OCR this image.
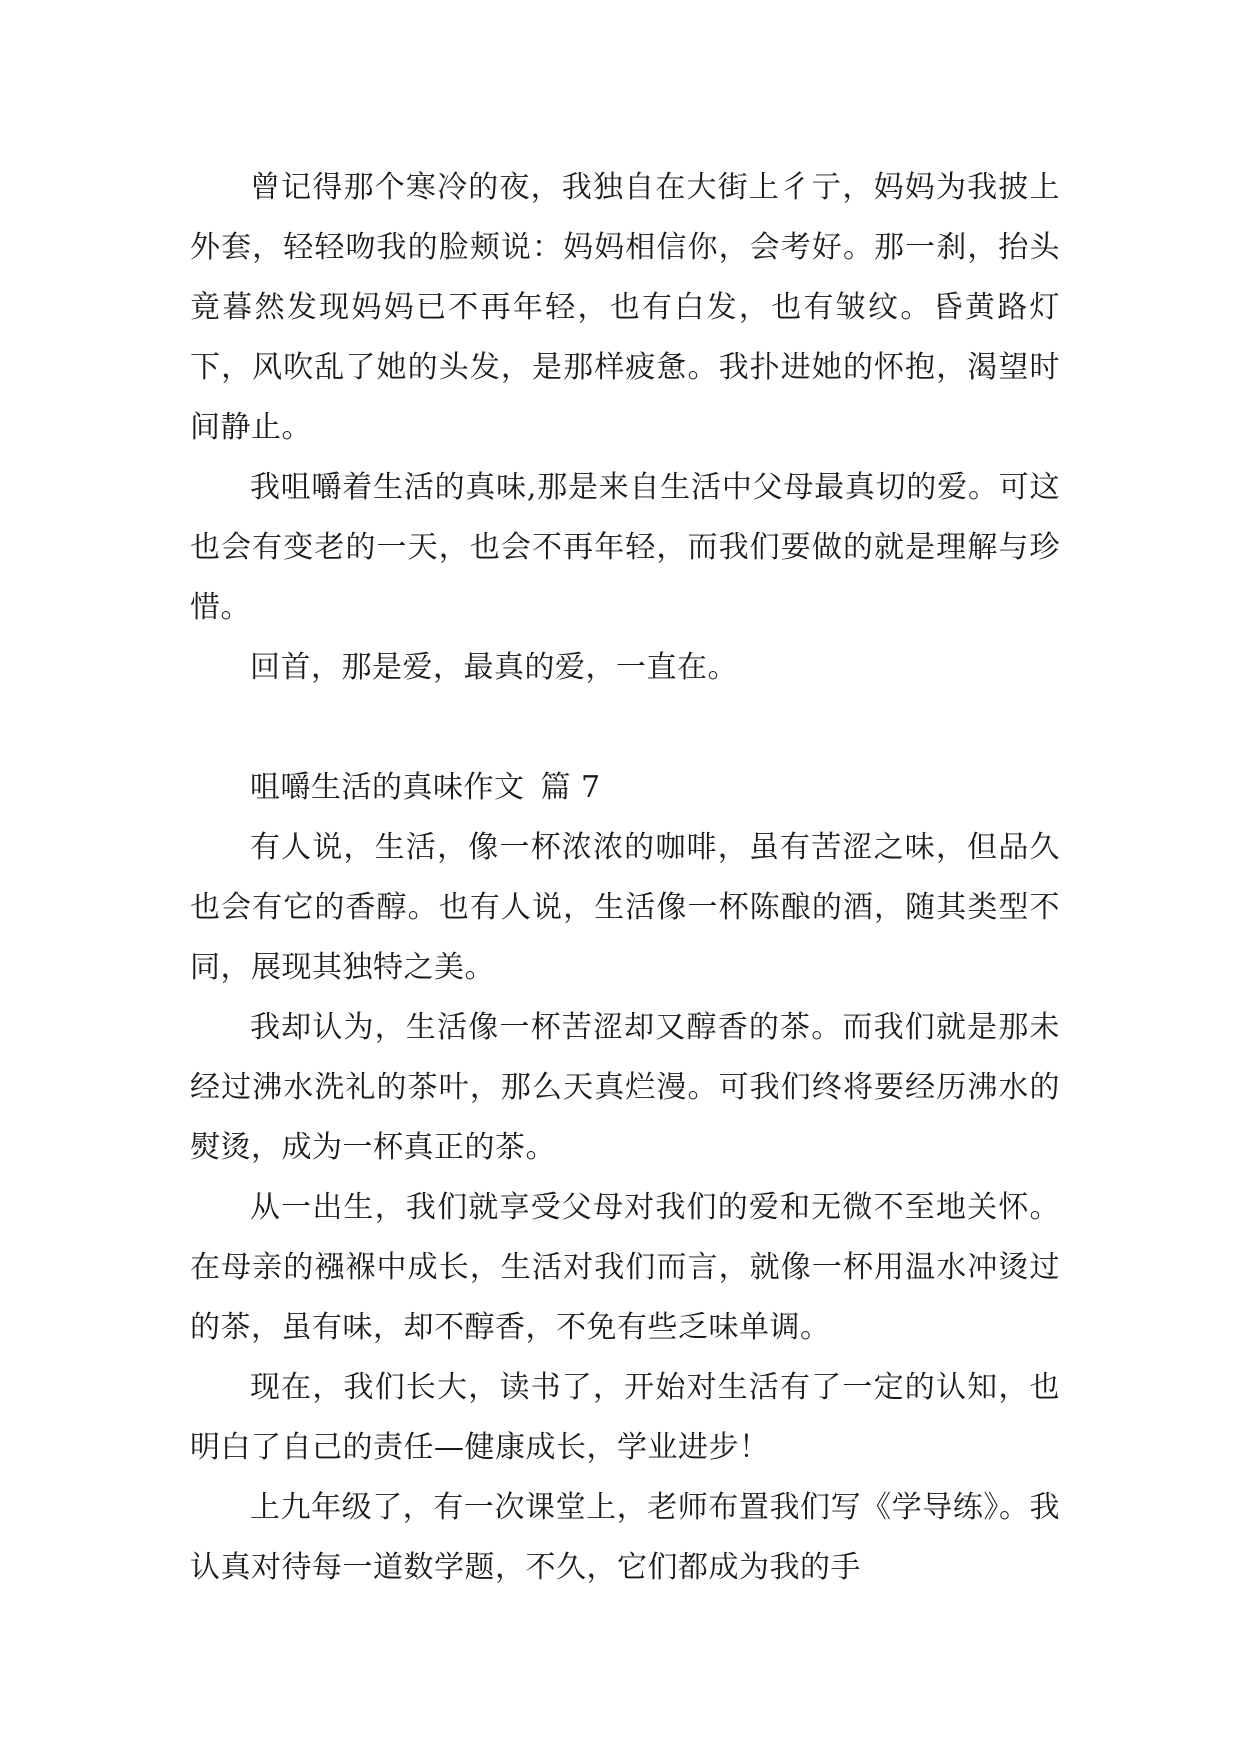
曾记得那个寒冷的夜，我独自在大街上彳亍，妈妈为我披上外套，轻轻吻我的脸颊说：妈妈相信你，会考好。那一刹，抬头竟暮然发现妈妈已不再年轻，也有白发，也有皱纹。昏黄路灯下，风吹乱了她的头发，是那样疲惫。我扑进她的怀抱，渴望时间静止。

我咀嚼着生活的真味,那是来自生活中父母最真切的爱。可这也会有变老的一天，也会不再年轻，而我们要做的就是理解与珍惜。

回首，那是爱，最真的爱，一直在。

咀嚼生活的真味作文 篇 7

有人说，生活，像一杯浓浓的咖啡，虽有苦涩之味，但品久也会有它的香醇。也有人说，生活像一杯陈酿的酒，随其类型不同，展现其独特之美。

我却认为，生活像一杯苦涩却又醇香的茶。而我们就是那未经过沸水洗礼的茶叶，那么天真烂漫。可我们终将要经历沸水的熨烫，成为一杯真正的茶。

从一出生，我们就享受父母对我们的爱和无微不至地关怀。在母亲的襁褓中成长，生活对我们而言，就像一杯用温水冲烫过的茶，虽有味，却不醇香，不免有些乏味单调。

现在，我们长大，读书了，开始对生活有了一定的认知，也明白了自己的责任—健康成长，学业进步！

上九年级了，有一次课堂上，老师布置我们写《学导练》。我认真对待每一道数学题，不久，它们都成为我的手
